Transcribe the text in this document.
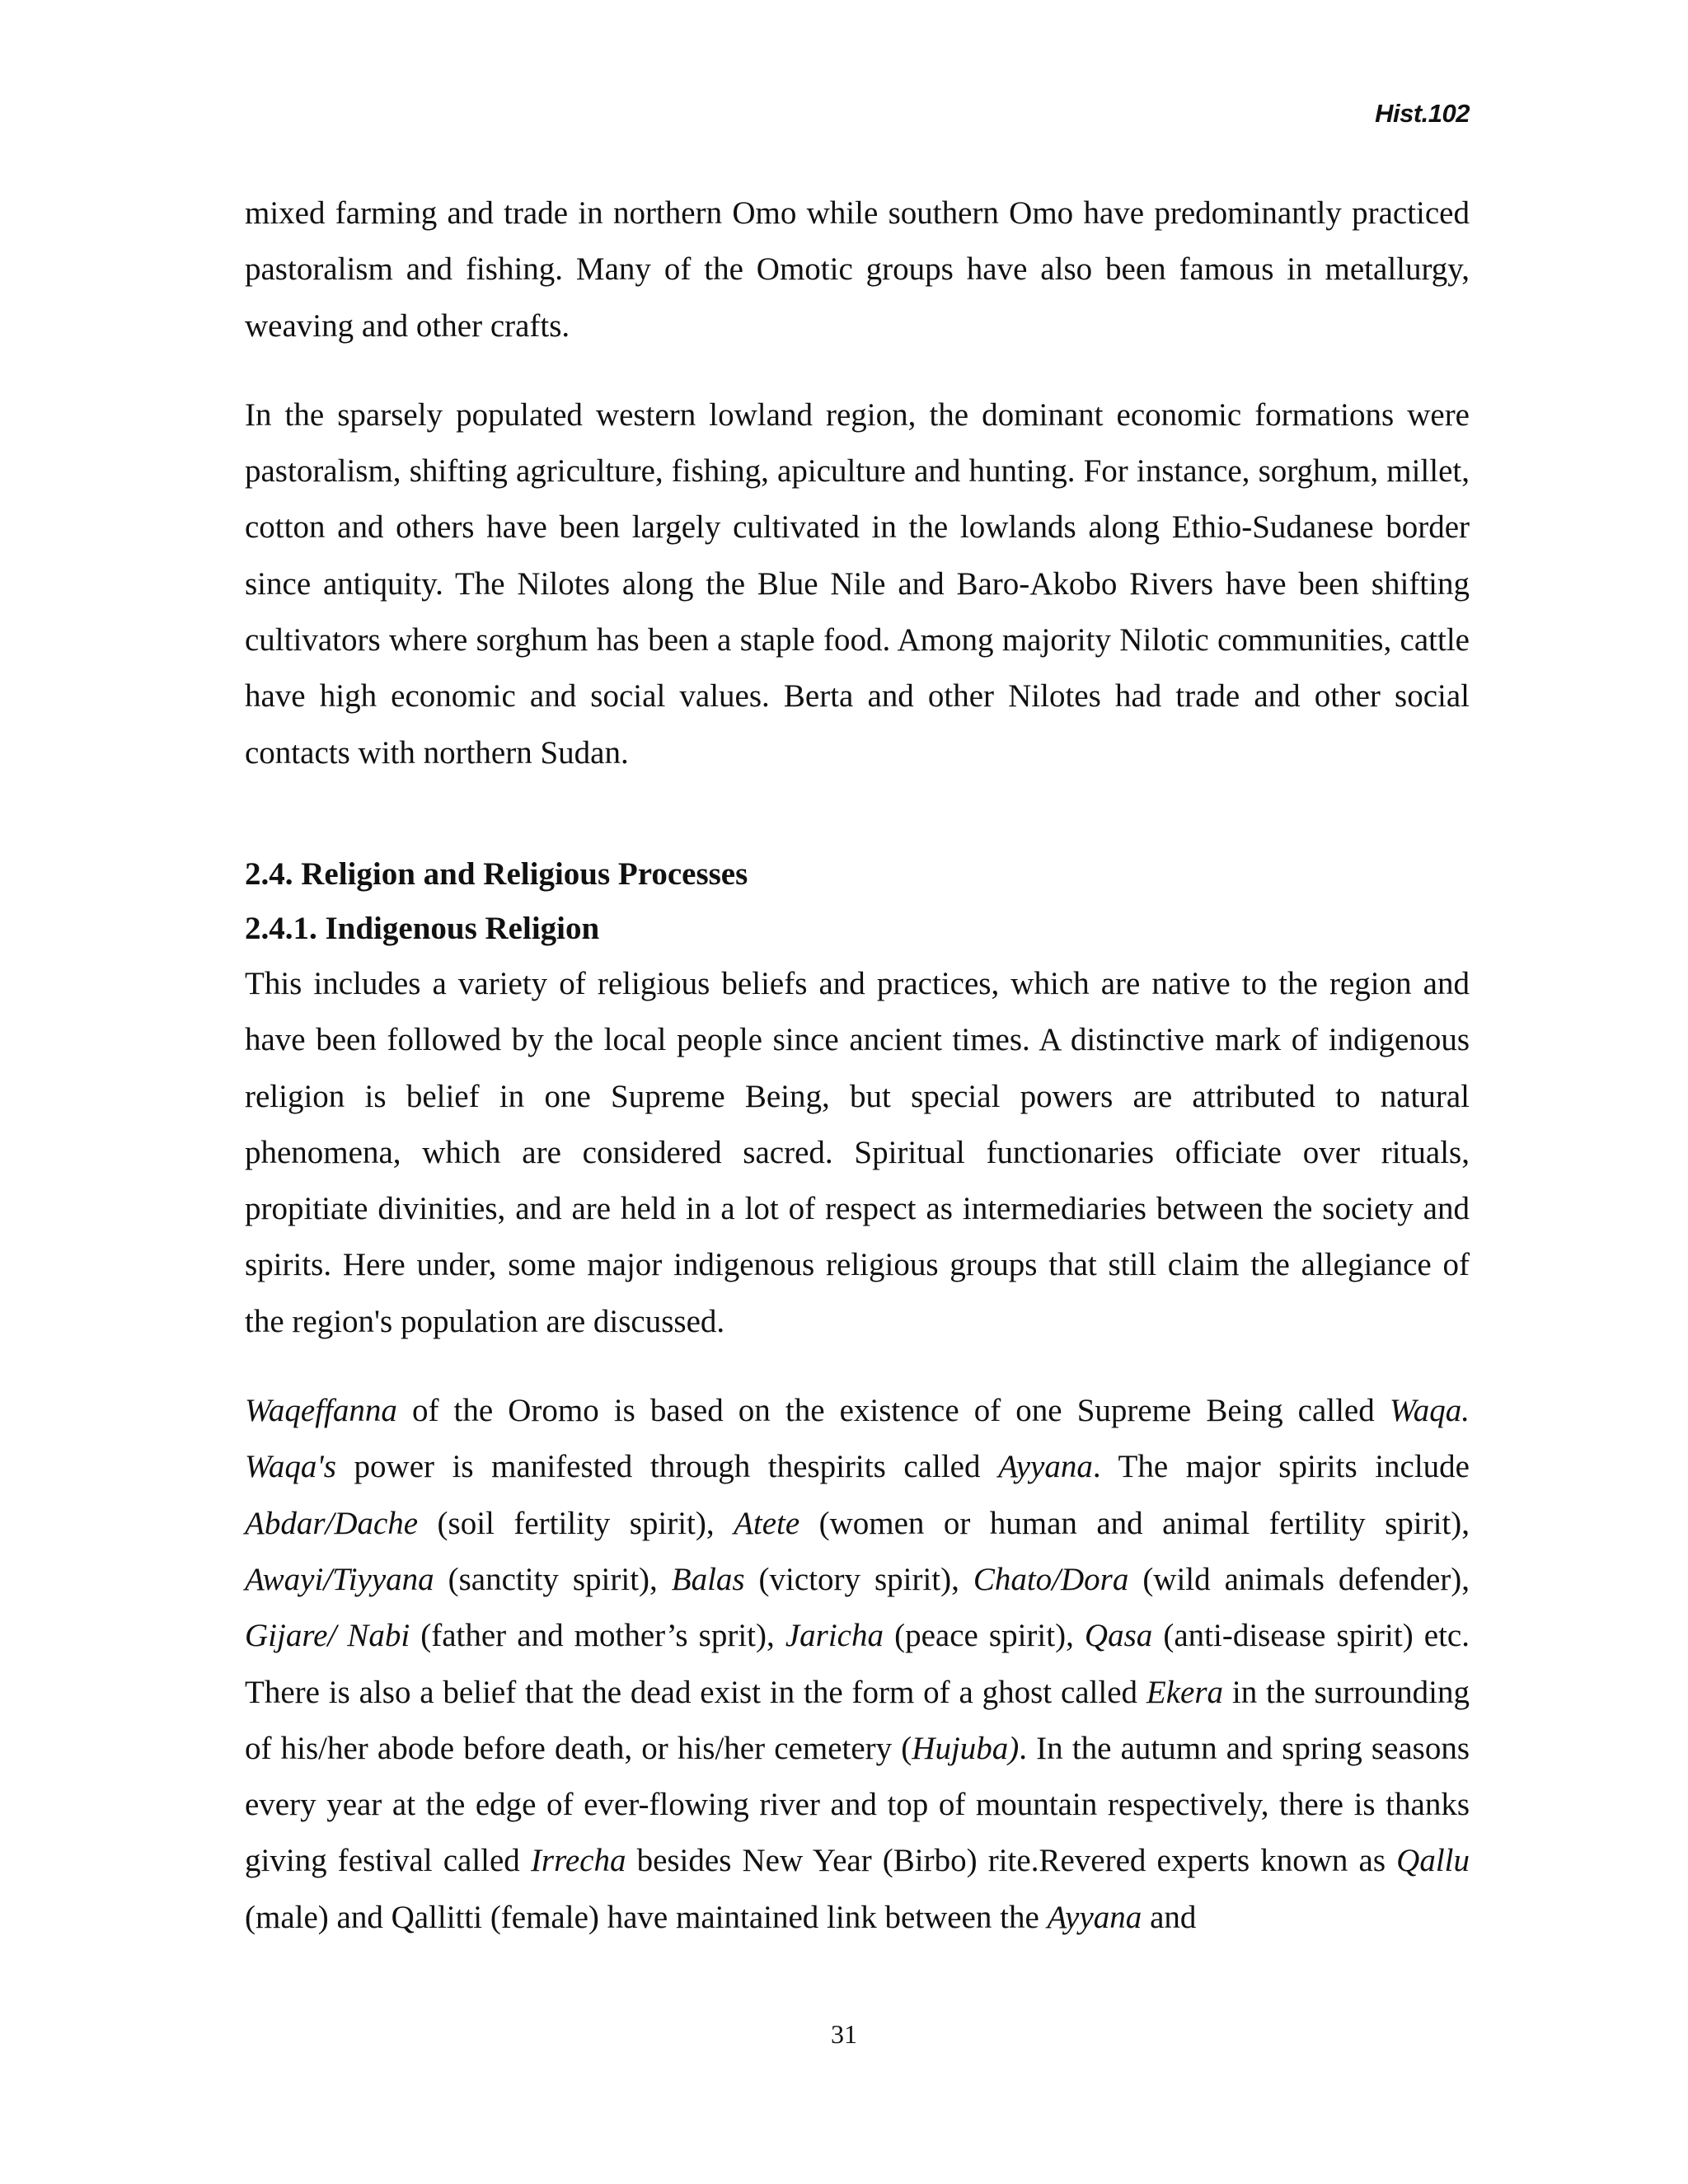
Hist.102

mixed farming and trade in northern Omo while southern Omo have predominantly practiced pastoralism and fishing. Many of the Omotic groups have also been famous in metallurgy, weaving and other crafts.

In the sparsely populated western lowland region, the dominant economic formations were pastoralism, shifting agriculture, fishing, apiculture and hunting. For instance, sorghum, millet, cotton and others have been largely cultivated in the lowlands along Ethio-Sudanese border since antiquity. The Nilotes along the Blue Nile and Baro-Akobo Rivers have been shifting cultivators where sorghum has been a staple food. Among majority Nilotic communities, cattle have high economic and social values. Berta and other Nilotes had trade and other social contacts with northern Sudan.

2.4. Religion and Religious Processes
2.4.1. Indigenous Religion

This includes a variety of religious beliefs and practices, which are native to the region and have been followed by the local people since ancient times. A distinctive mark of indigenous religion is belief in one Supreme Being, but special powers are attributed to natural phenomena, which are considered sacred. Spiritual functionaries officiate over rituals, propitiate divinities, and are held in a lot of respect as intermediaries between the society and spirits. Here under, some major indigenous religious groups that still claim the allegiance of the region's population are discussed.

Waqeffanna of the Oromo is based on the existence of one Supreme Being called Waqa. Waqa's power is manifested through thespirits called Ayyana. The major spirits include Abdar/Dache (soil fertility spirit), Atete (women or human and animal fertility spirit), Awayi/Tiyyana (sanctity spirit), Balas (victory spirit), Chato/Dora (wild animals defender), Gijare/ Nabi (father and mother’s sprit), Jaricha (peace spirit), Qasa (anti-disease spirit) etc. There is also a belief that the dead exist in the form of a ghost called Ekera in the surrounding of his/her abode before death, or his/her cemetery (Hujuba). In the autumn and spring seasons every year at the edge of ever-flowing river and top of mountain respectively, there is thanks giving festival called Irrecha besides New Year (Birbo) rite.Revered experts known as Qallu (male) and Qallitti (female) have maintained link between the Ayyana and

31
